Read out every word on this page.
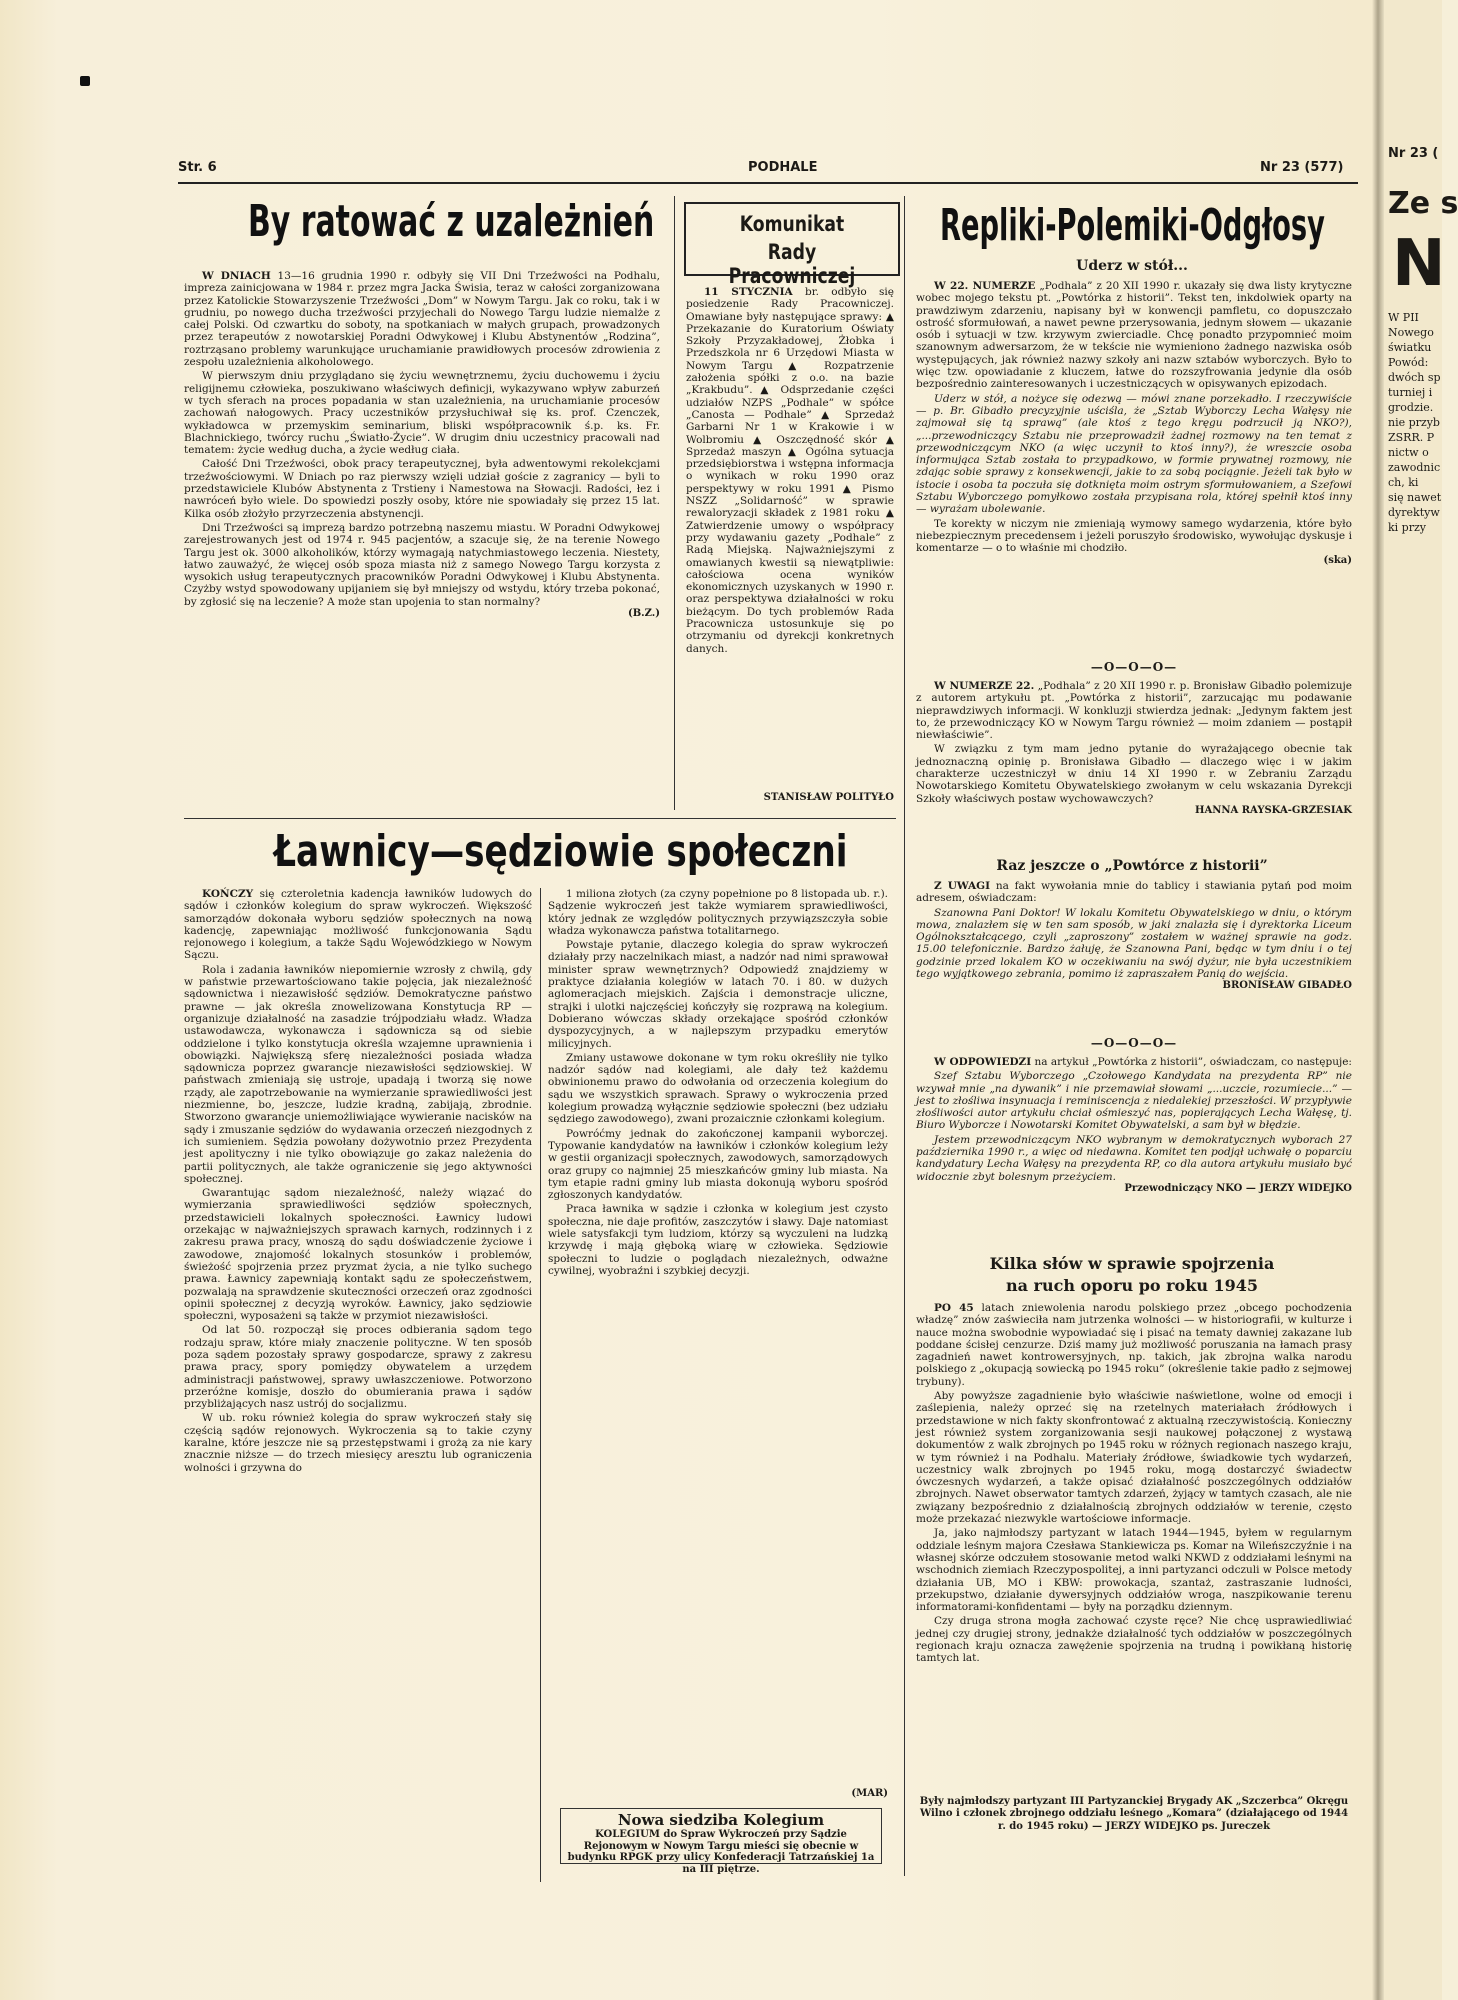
Str. 6	PODHALE	Nr 23 (577)
By ratować z uzależnień

W DNIACH 13—16 grudnia 1990 r. odbyły się VII Dni Trzeźwości na Podhalu, impreza zainicjowana w 1984 r. przez mgra Jacka Świsia, teraz w całości zorganizowana przez Katolickie Stowarzyszenie Trzeźwości „Dom” w Nowym Targu. Jak co roku, tak i w grudniu, po nowego ducha trzeźwości przyjechali do Nowego Targu ludzie niemalże z całej Polski. Od czwartku do soboty, na spotkaniach w małych grupach, prowadzonych przez terapeutów z nowotarskiej Poradni Odwykowej i Klubu Abstynentów „Rodzina”, roztrząsano problemy warunkujące uruchamianie prawidłowych procesów zdrowienia z zespołu uzależnienia alkoholowego.

W pierwszym dniu przyglądano się życiu wewnętrznemu, życiu duchowemu i życiu religijnemu człowieka, poszukiwano właściwych definicji, wykazywano wpływ zaburzeń w tych sferach na proces popadania w stan uzależnienia, na uruchamianie procesów zachowań nałogowych. Pracy uczestników przysłuchiwał się ks. prof. Czenczek, wykładowca w przemyskim seminarium, bliski współpracownik ś.p. ks. Fr. Blachnickiego, twórcy ruchu „Światło-Życie”. W drugim dniu uczestnicy pracowali nad tematem: życie według ducha, a życie według ciała.

Całość Dni Trzeźwości, obok pracy terapeutycznej, była adwentowymi rekolekcjami trzeźwościowymi. W Dniach po raz pierwszy wzięli udział goście z zagranicy — byli to przedstawiciele Klubów Abstynenta z Trstieny i Namestowa na Słowacji. Radości, łez i nawróceń było wiele. Do spowiedzi poszły osoby, które nie spowiadały się przez 15 lat. Kilka osób złożyło przyrzeczenia abstynencji.

Dni Trzeźwości są imprezą bardzo potrzebną naszemu miastu. W Poradni Odwykowej zarejestrowanych jest od 1974 r. 945 pacjentów, a szacuje się, że na terenie Nowego Targu jest ok. 3000 alkoholików, którzy wymagają natychmiastowego leczenia. Niestety, łatwo zauważyć, że więcej osób spoza miasta niż z samego Nowego Targu korzysta z wysokich usług terapeutycznych pracowników Poradni Odwykowej i Klubu Abstynenta. Czyżby wstyd spowodowany upijaniem się był mniejszy od wstydu, który trzeba pokonać, by zgłosić się na leczenie? A może stan upojenia to stan normalny?

(B.Z.)
Komunikat
Rady Pracowniczej

11 STYCZNIA br. odbyło się posiedzenie Rady Pracowniczej. Omawiane były następujące sprawy: ▲ Przekazanie do Kuratorium Oświaty Szkoły Przyzakładowej, Żłobka i Przedszkola nr 6 Urzędowi Miasta w Nowym Targu ▲ Rozpatrzenie założenia spółki z o.o. na bazie „Krakbudu”. ▲ Odsprzedanie części udziałów NZPS „Podhale” w spółce „Canosta — Podhale” ▲ Sprzedaż Garbarni Nr 1 w Krakowie i w Wolbromiu ▲ Oszczędność skór ▲ Sprzedaż maszyn ▲ Ogólna sytuacja przedsiębiorstwa i wstępna informacja o wynikach w roku 1990 oraz perspektywy w roku 1991 ▲ Pismo NSZZ „Solidarność” w sprawie rewaloryzacji składek z 1981 roku ▲ Zatwierdzenie umowy o współpracy przy wydawaniu gazety „Podhale” z Radą Miejską. Najważniejszymi z omawianych kwestii są niewątpliwie: całościowa ocena wyników ekonomicznych uzyskanych w 1990 r. oraz perspektywa działalności w roku bieżącym. Do tych problemów Rada Pracownicza ustosunkuje się po otrzymaniu od dyrekcji konkretnych danych.

STANISŁAW POLITYŁO
Repliki-Polemiki-Odgłosy
Uderz w stół...

W 22. NUMERZE „Podhala” z 20 XII 1990 r. ukazały się dwa listy krytyczne wobec mojego tekstu pt. „Powtórka z historii”. Tekst ten, inkdolwiek oparty na prawdziwym zdarzeniu, napisany był w konwencji pamfletu, co dopuszczało ostrość sformułowań, a nawet pewne przerysowania, jednym słowem — ukazanie osób i sytuacji w tzw. krzywym zwierciadle. Chcę ponadto przypomnieć moim szanownym adwersarzom, że w tekście nie wymieniono żadnego nazwiska osób występujących, jak również nazwy szkoły ani nazw sztabów wyborczych. Było to więc tzw. opowiadanie z kluczem, łatwe do rozszyfrowania jedynie dla osób bezpośrednio zainteresowanych i uczestniczących w opisywanych epizodach.

Uderz w stół, a nożyce się odezwą — mówi znane porzekadło. I rzeczywiście — p. Br. Gibadło precyzyjnie uściśla, że „Sztab Wyborczy Lecha Wałęsy nie zajmował się tą sprawą” (ale ktoś z tego kręgu podrzucił ją NKO?), „...przewodniczący Sztabu nie przeprowadził żadnej rozmowy na ten temat z przewodniczącym NKO (a więc uczynił to ktoś inny?), że wreszcie osoba informująca Sztab została to przypadkowo, w formie prywatnej rozmowy, nie zdając sobie sprawy z konsekwencji, jakie to za sobą pociągnie. Jeżeli tak było w istocie i osoba ta poczuła się dotknięta moim ostrym sformułowaniem, a Szefowi Sztabu Wyborczego pomyłkowo została przypisana rola, której spełnił ktoś inny — wyrażam ubolewanie.

Te korekty w niczym nie zmieniają wymowy samego wydarzenia, które było niebezpiecznym precedensem i jeżeli poruszyło środowisko, wywołując dyskusje i komentarze — o to właśnie mi chodziło.

(ska)
—O—O—O—

W NUMERZE 22. „Podhala” z 20 XII 1990 r. p. Bronisław Gibadło polemizuje z autorem artykułu pt. „Powtórka z historii”, zarzucając mu podawanie nieprawdziwych informacji. W konkluzji stwierdza jednak: „Jedynym faktem jest to, że przewodniczący KO w Nowym Targu również — moim zdaniem — postąpił niewłaściwie”.

W związku z tym mam jedno pytanie do wyrażającego obecnie tak jednoznaczną opinię p. Bronisława Gibadło — dlaczego więc i w jakim charakterze uczestniczył w dniu 14 XI 1990 r. w Zebraniu Zarządu Nowotarskiego Komitetu Obywatelskiego zwołanym w celu wskazania Dyrekcji Szkoły właściwych postaw wychowawczych?

HANNA RAYSKA-GRZESIAK
Raz jeszcze o „Powtórce z historii”

Z UWAGI na fakt wywołania mnie do tablicy i stawiania pytań pod moim adresem, oświadczam:

Szanowna Pani Doktor! W lokalu Komitetu Obywatelskiego w dniu, o którym mowa, znalazłem się w ten sam sposób, w jaki znalazła się i dyrektorka Liceum Ogólnokształcącego, czyli „zaproszony” zostałem w ważnej sprawie na godz. 15.00 telefonicznie. Bardzo żałuję, że Szanowna Pani, będąc w tym dniu i o tej godzinie przed lokalem KO w oczekiwaniu na swój dyżur, nie była uczestnikiem tego wyjątkowego zebrania, pomimo iż zapraszałem Panią do wejścia.

BRONISŁAW GIBADŁO
—O—O—O—

W ODPOWIEDZI na artykuł „Powtórka z historii”, oświadczam, co następuje:

Szef Sztabu Wyborczego „Czołowego Kandydata na prezydenta RP” nie wzywał mnie „na dywanik” i nie przemawiał słowami „...uczcie, rozumiecie...” — jest to złośliwa insynuacja i reminiscencja z niedalekiej przeszłości. W przypływie złośliwości autor artykułu chciał ośmieszyć nas, popierających Lecha Wałęsę, tj. Biuro Wyborcze i Nowotarski Komitet Obywatelski, a sam był w błędzie.

Jestem przewodniczącym NKO wybranym w demokratycznych wyborach 27 października 1990 r., a więc od niedawna. Komitet ten podjął uchwałę o poparciu kandydatury Lecha Wałęsy na prezydenta RP, co dla autora artykułu musiało być widocznie zbyt bolesnym przeżyciem.

Przewodniczący NKO — JERZY WIDEJKO
Kilka słów w sprawie spojrzenia
na ruch oporu po roku 1945

PO 45 latach zniewolenia narodu polskiego przez „obcego pochodzenia władzę” znów zaświeciła nam jutrzenka wolności — w historiografii, w kulturze i nauce można swobodnie wypowiadać się i pisać na tematy dawniej zakazane lub poddane ścisłej cenzurze. Dziś mamy już możliwość poruszania na łamach prasy zagadnień nawet kontrowersyjnych, np. takich, jak zbrojna walka narodu polskiego z „okupacją sowiecką po 1945 roku” (określenie takie padło z sejmowej trybuny).

Aby powyższe zagadnienie było właściwie naświetlone, wolne od emocji i zaślepienia, należy oprzeć się na rzetelnych materiałach źródłowych i przedstawione w nich fakty skonfrontować z aktualną rzeczywistością. Konieczny jest również system zorganizowania sesji naukowej połączonej z wystawą dokumentów z walk zbrojnych po 1945 roku w różnych regionach naszego kraju, w tym również i na Podhalu. Materiały źródłowe, świadkowie tych wydarzeń, uczestnicy walk zbrojnych po 1945 roku, mogą dostarczyć świadectw ówczesnych wydarzeń, a także opisać działalność poszczególnych oddziałów zbrojnych. Nawet obserwator tamtych zdarzeń, żyjący w tamtych czasach, ale nie związany bezpośrednio z działalnością zbrojnych oddziałów w terenie, często może przekazać niezwykle wartościowe informacje.

Ja, jako najmłodszy partyzant w latach 1944—1945, byłem w regularnym oddziale leśnym majora Czesława Stankiewicza ps. Komar na Wileńszczyźnie i na własnej skórze odczułem stosowanie metod walki NKWD z oddziałami leśnymi na wschodnich ziemiach Rzeczypospolitej, a inni partyzanci odczuli w Polsce metody działania UB, MO i KBW: prowokacja, szantaż, zastraszanie ludności, przekupstwo, działanie dywersyjnych oddziałów wroga, naszpikowanie terenu informatorami-konfidentami — były na porządku dziennym.

Czy druga strona mogła zachować czyste ręce? Nie chcę usprawiedliwiać jednej czy drugiej strony, jednakże działalność tych oddziałów w poszczególnych regionach kraju oznacza zawężenie spojrzenia na trudną i powikłaną historię tamtych lat.

Były najmłodszy partyzant III Partyzanckiej Brygady AK „Szczerbca” Okręgu Wilno i członek zbrojnego oddziału leśnego „Komara” (działającego od 1944 r. do 1945 roku) — JERZY WIDEJKO ps. Jureczek
Ławnicy—sędziowie społeczni

KOŃCZY się czteroletnia kadencja ławników ludowych do sądów i członków kolegium do spraw wykroczeń. Większość samorządów dokonała wyboru sędziów społecznych na nową kadencję, zapewniając możliwość funkcjonowania Sądu rejonowego i kolegium, a także Sądu Wojewódzkiego w Nowym Sączu.

Rola i zadania ławników niepomiernie wzrosły z chwilą, gdy w państwie przewartościowano takie pojęcia, jak niezależność sądownictwa i niezawisłość sędziów. Demokratyczne państwo prawne — jak określa znowelizowana Konstytucja RP — organizuje działalność na zasadzie trójpodziału władz. Władza ustawodawcza, wykonawcza i sądownicza są od siebie oddzielone i tylko konstytucja określa wzajemne uprawnienia i obowiązki. Największą sferę niezależności posiada władza sądownicza poprzez gwarancje niezawisłości sędziowskiej. W państwach zmieniają się ustroje, upadają i tworzą się nowe rządy, ale zapotrzebowanie na wymierzanie sprawiedliwości jest niezmienne, bo, jeszcze, ludzie kradną, zabijają, zbrodnie. Stworzono gwarancje uniemożliwiające wywieranie nacisków na sądy i zmuszanie sędziów do wydawania orzeczeń niezgodnych z ich sumieniem. Sędzia powołany dożywotnio przez Prezydenta jest apolityczny i nie tylko obowiązuje go zakaz należenia do partii politycznych, ale także ograniczenie się jego aktywności społecznej.

Gwarantując sądom niezależność, należy wiązać do wymierzania sprawiedliwości sędziów społecznych, przedstawicieli lokalnych społeczności. Ławnicy ludowi orzekając w najważniejszych sprawach karnych, rodzinnych i z zakresu prawa pracy, wnoszą do sądu doświadczenie życiowe i zawodowe, znajomość lokalnych stosunków i problemów, świeżość spojrzenia przez pryzmat życia, a nie tylko suchego prawa. Ławnicy zapewniają kontakt sądu ze społeczeństwem, pozwalają na sprawdzenie skuteczności orzeczeń oraz zgodności opinii społecznej z decyzją wyroków. Ławnicy, jako sędziowie społeczni, wyposażeni są także w przymiot niezawisłości.

Od lat 50. rozpoczął się proces odbierania sądom tego rodzaju spraw, które miały znaczenie polityczne. W ten sposób poza sądem pozostały sprawy gospodarcze, sprawy z zakresu prawa pracy, spory pomiędzy obywatelem a urzędem administracji państwowej, sprawy uwłaszczeniowe. Potworzono przeróżne komisje, doszło do obumierania prawa i sądów przybliżających nasz ustrój do socjalizmu.

W ub. roku również kolegia do spraw wykroczeń stały się częścią sądów rejonowych. Wykroczenia są to takie czyny karalne, które jeszcze nie są przestępstwami i grożą za nie kary znacznie niższe — do trzech miesięcy aresztu lub ograniczenia wolności i grzywna do

1 miliona złotych (za czyny popełnione po 8 listopada ub. r.). Sądzenie wykroczeń jest także wymiarem sprawiedliwości, który jednak ze względów politycznych przywiązszczyła sobie władza wykonawcza państwa totalitarnego.

Powstaje pytanie, dlaczego kolegia do spraw wykroczeń działały przy naczelnikach miast, a nadzór nad nimi sprawował minister spraw wewnętrznych? Odpowiedź znajdziemy w praktyce działania kolegiów w latach 70. i 80. w dużych aglomeracjach miejskich. Zajścia i demonstracje uliczne, strajki i ulotki najczęściej kończyły się rozprawą na kolegium. Dobierano wówczas składy orzekające spośród członków dyspozycyjnych, a w najlepszym przypadku emerytów milicyjnych.

Zmiany ustawowe dokonane w tym roku określiły nie tylko nadzór sądów nad kolegiami, ale dały też każdemu obwinionemu prawo do odwołania od orzeczenia kolegium do sądu we wszystkich sprawach. Sprawy o wykroczenia przed kolegium prowadzą wyłącznie sędziowie społeczni (bez udziału sędziego zawodowego), zwani prozaicznie członkami kolegium.

Powróćmy jednak do zakończonej kampanii wyborczej. Typowanie kandydatów na ławników i członków kolegium leży w gestii organizacji społecznych, zawodowych, samorządowych oraz grupy co najmniej 25 mieszkańców gminy lub miasta. Na tym etapie radni gminy lub miasta dokonują wyboru spośród zgłoszonych kandydatów.

Praca ławnika w sądzie i członka w kolegium jest czysto społeczna, nie daje profitów, zaszczytów i sławy. Daje natomiast wiele satysfakcji tym ludziom, którzy są wyczuleni na ludzką krzywdę i mają głęboką wiarę w człowieka. Sędziowie społeczni to ludzie o poglądach niezależnych, odważne cywilnej, wyobraźni i szybkiej decyzji.

(MAR)
Nowa siedziba Kolegium
KOLEGIUM do Spraw Wykroczeń przy Sądzie Rejonowym w Nowym Targu mieści się obecnie w budynku RPGK przy ulicy Konfederacji Tatrzańskiej 1a na III piętrze.
Nr 23 (
Ze s
N
W PII
Nowego
światku
Powód:
dwóch sp
turniej i
grodzie.
nie przyb
ZSRR. P
nictw o
zawodnic
ch, ki
się nawet
dyrektyw
ki przy
